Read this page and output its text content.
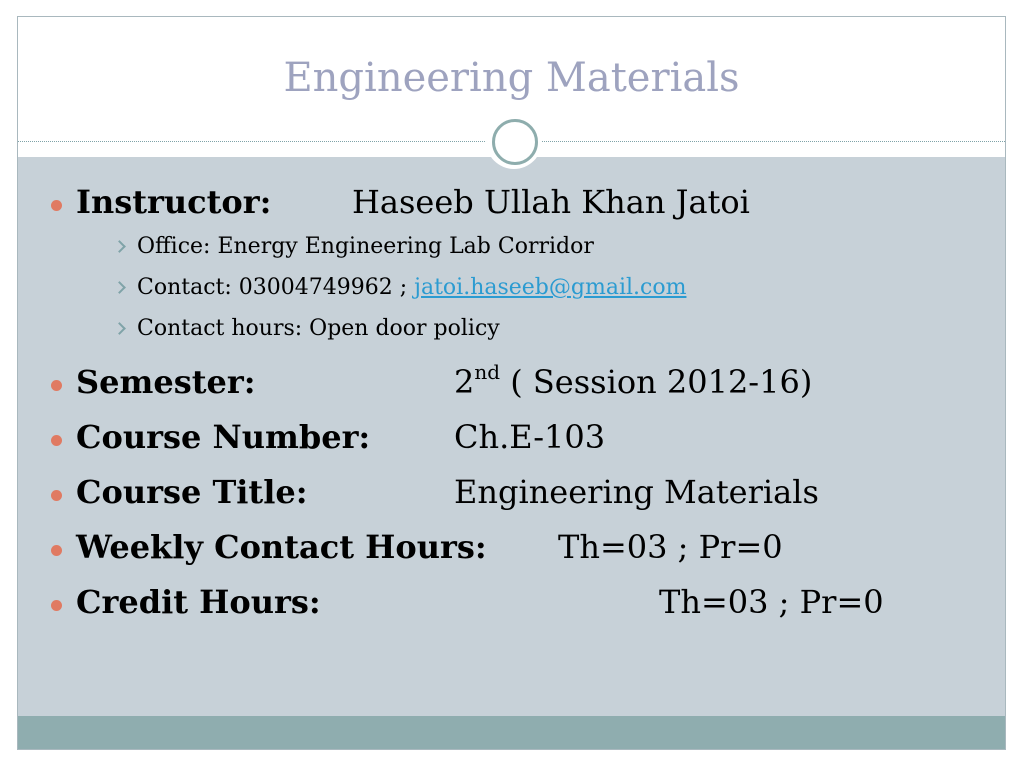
Engineering Materials
Instructor:	Haseeb Ullah Khan Jatoi
Office: Energy Engineering Lab Corridor
Contact: 03004749962 ; jatoi.haseeb@gmail.com
Contact hours: Open door policy
Semester:	2nd ( Session 2012-16)
Course Number:	Ch.E-103
Course Title:	Engineering Materials
Weekly Contact Hours: Th=03 ; Pr=0
Credit Hours:	Th=03 ; Pr=0
